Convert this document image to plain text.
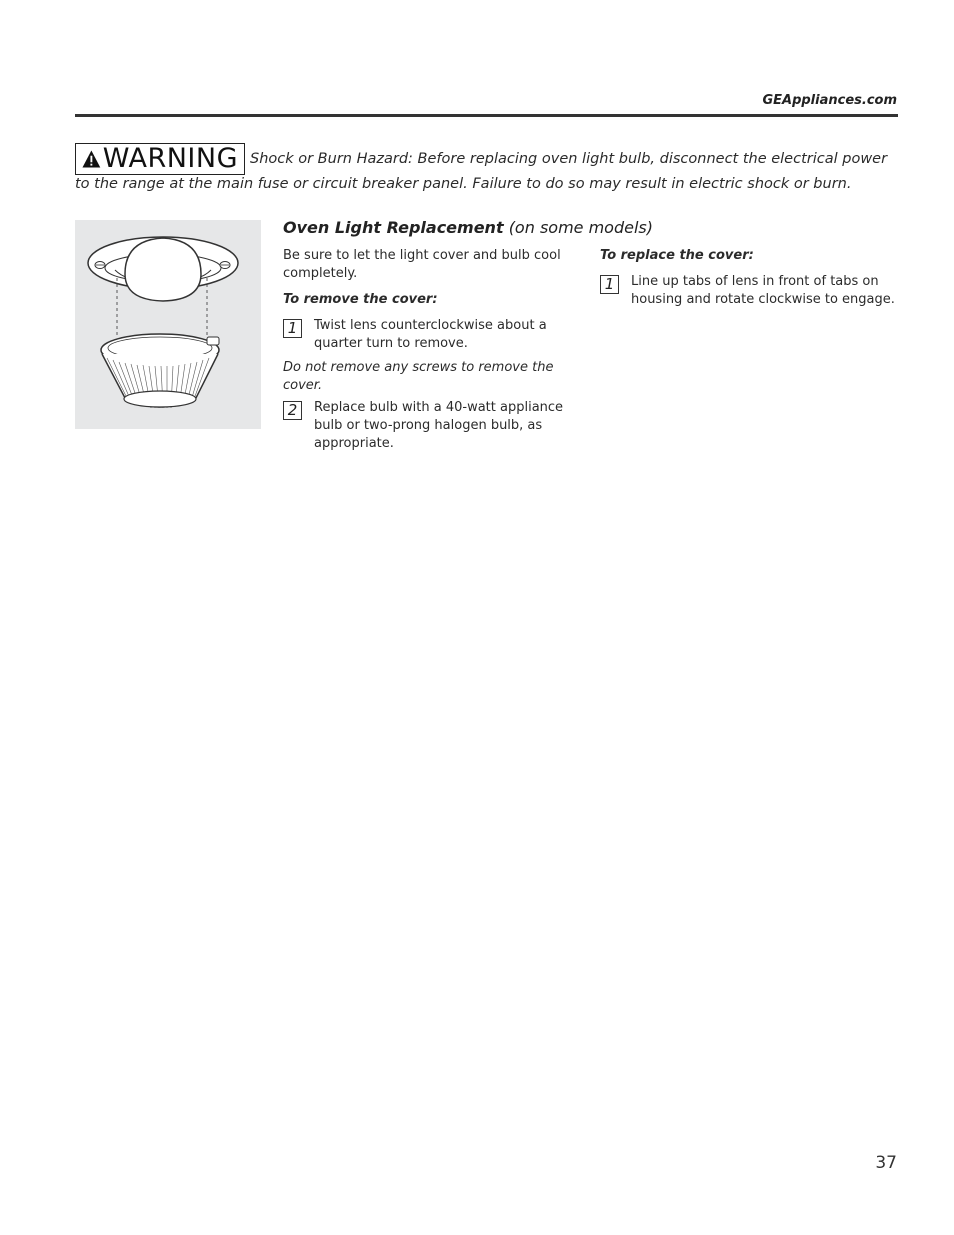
GEAppliances.com
WARNING Shock or Burn Hazard: Before replacing oven light bulb, disconnect the electrical power to the range at the main fuse or circuit breaker panel. Failure to do so may result in electric shock or burn.
Oven Light Replacement (on some models)

Be sure to let the light cover and bulb cool completely.

To remove the cover:

1	Twist lens counterclockwise about a quarter turn to remove.

Do not remove any screws to remove the cover.

2	Replace bulb with a 40-watt appliance bulb or two-prong halogen bulb, as appropriate.

To replace the cover:

1	Line up tabs of lens in front of tabs on housing and rotate clockwise to engage.
37
